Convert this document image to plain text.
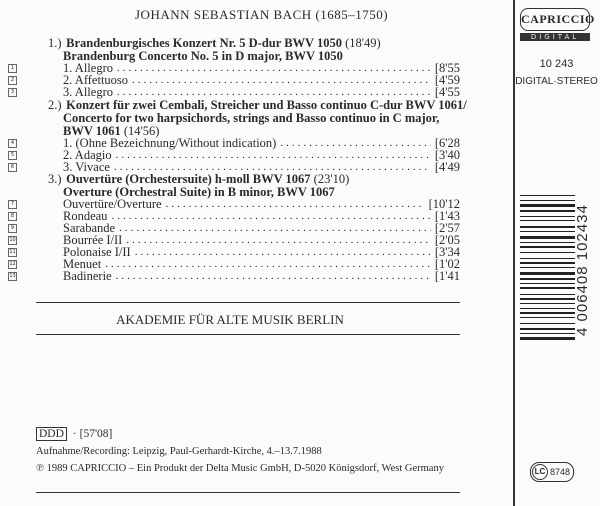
JOHANN SEBASTIAN BACH (1685–1750)
1.) Brandenburgisches Konzert Nr. 5 D-dur BWV 1050 (18'49)
Brandenburg Concerto No. 5 in D major, BWV 1050
2.) Konzert für zwei Cembali, Streicher und Basso continuo C-dur BWV 1061/
Concerto for two harpsichords, strings and Basso continuo in C major,
BWV 1061 (14'56)
3.) Ouvertüre (Orchestersuite) h-moll BWV 1067 (23'10)
Overture (Orchestral Suite) in B minor, BWV 1067
1	1. Allegro .....	[8'55
2	2. Affettuoso .....	[4'59
3	3. Allegro .....	[4'55
4	1. (Ohne Bezeichnung/Without indication) .....	[6'28
5	2. Adagio .....	[3'40
6	3. Vivace .....	[4'49
7	Ouvertüre/Overture .....	[10'12
8	Rondeau .....	[1'43
9	Sarabande .....	[2'57
10	Bourrée I/II .....	[2'05
11	Polonaise I/II .....	[3'34
12	Menuet .....	[1'02
13	Badinerie .....	[1'41
AKADEMIE FÜR ALTE MUSIK BERLIN
DDD · [57'08]
Aufnahme/Recording: Leipzig, Paul-Gerhardt-Kirche, 4.–13.7.1988
℗ 1989 CAPRICCIO – Ein Produkt der Delta Music GmbH, D-5020 Königsdorf, West Germany
CAPRICCIO
DIGITAL
10 243
DIGITAL·STEREO
4 006408 102434
LC 8748
